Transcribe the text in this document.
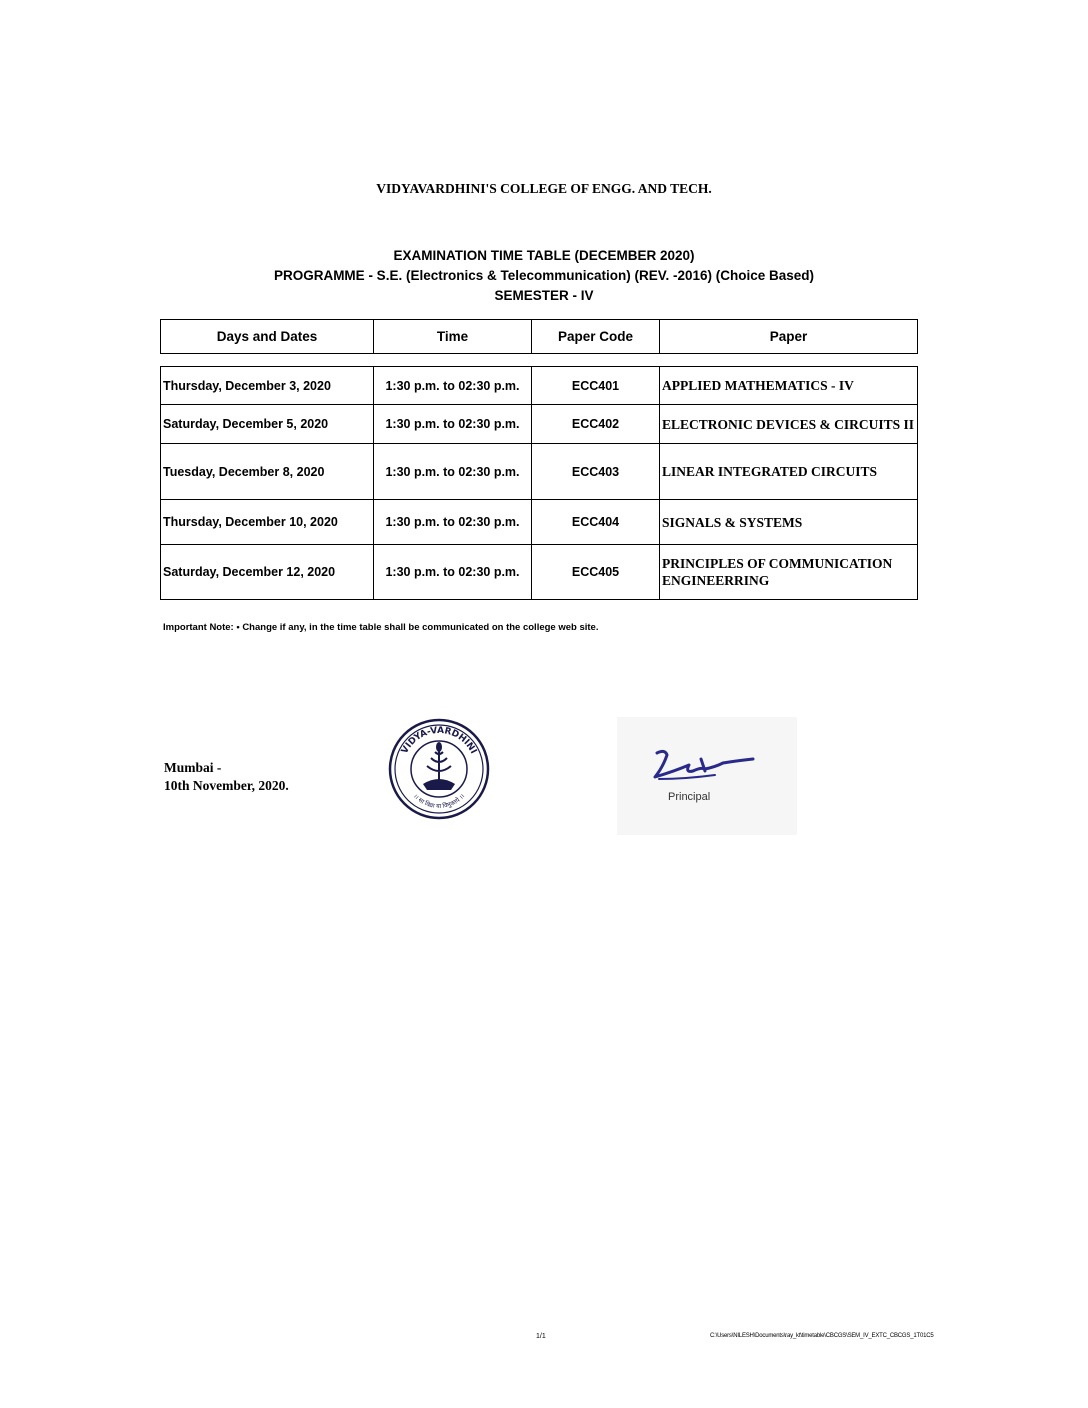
VIDYAVARDHINI'S COLLEGE OF ENGG. AND TECH.
EXAMINATION TIME TABLE (DECEMBER 2020)
PROGRAMME - S.E. (Electronics & Telecommunication) (REV. -2016) (Choice Based)
SEMESTER - IV
Days and Dates	Time	Paper Code	Paper
Thursday, December 3, 2020	1:30 p.m. to 02:30 p.m.	ECC401	APPLIED MATHEMATICS - IV
Saturday, December 5, 2020	1:30 p.m. to 02:30 p.m.	ECC402	ELECTRONIC DEVICES & CIRCUITS II
Tuesday, December 8, 2020	1:30 p.m. to 02:30 p.m.	ECC403	LINEAR INTEGRATED CIRCUITS
Thursday, December 10, 2020	1:30 p.m. to 02:30 p.m.	ECC404	SIGNALS & SYSTEMS
Saturday, December 12, 2020	1:30 p.m. to 02:30 p.m.	ECC405	PRINCIPLES OF COMMUNICATION ENGINEERRING
Important Note: • Change if any, in the time table shall be communicated on the college web site.
Mumbai -
10th November, 2020.
VIDYA-VARDHINI
।। सा विद्या या विमुक्तये ।।	Principal
1/1	C:\Users\NILESH\Documents\ray_kt\timetable\CBCGS\SEM_IV_EXTC_CBCGS_1T01C5
